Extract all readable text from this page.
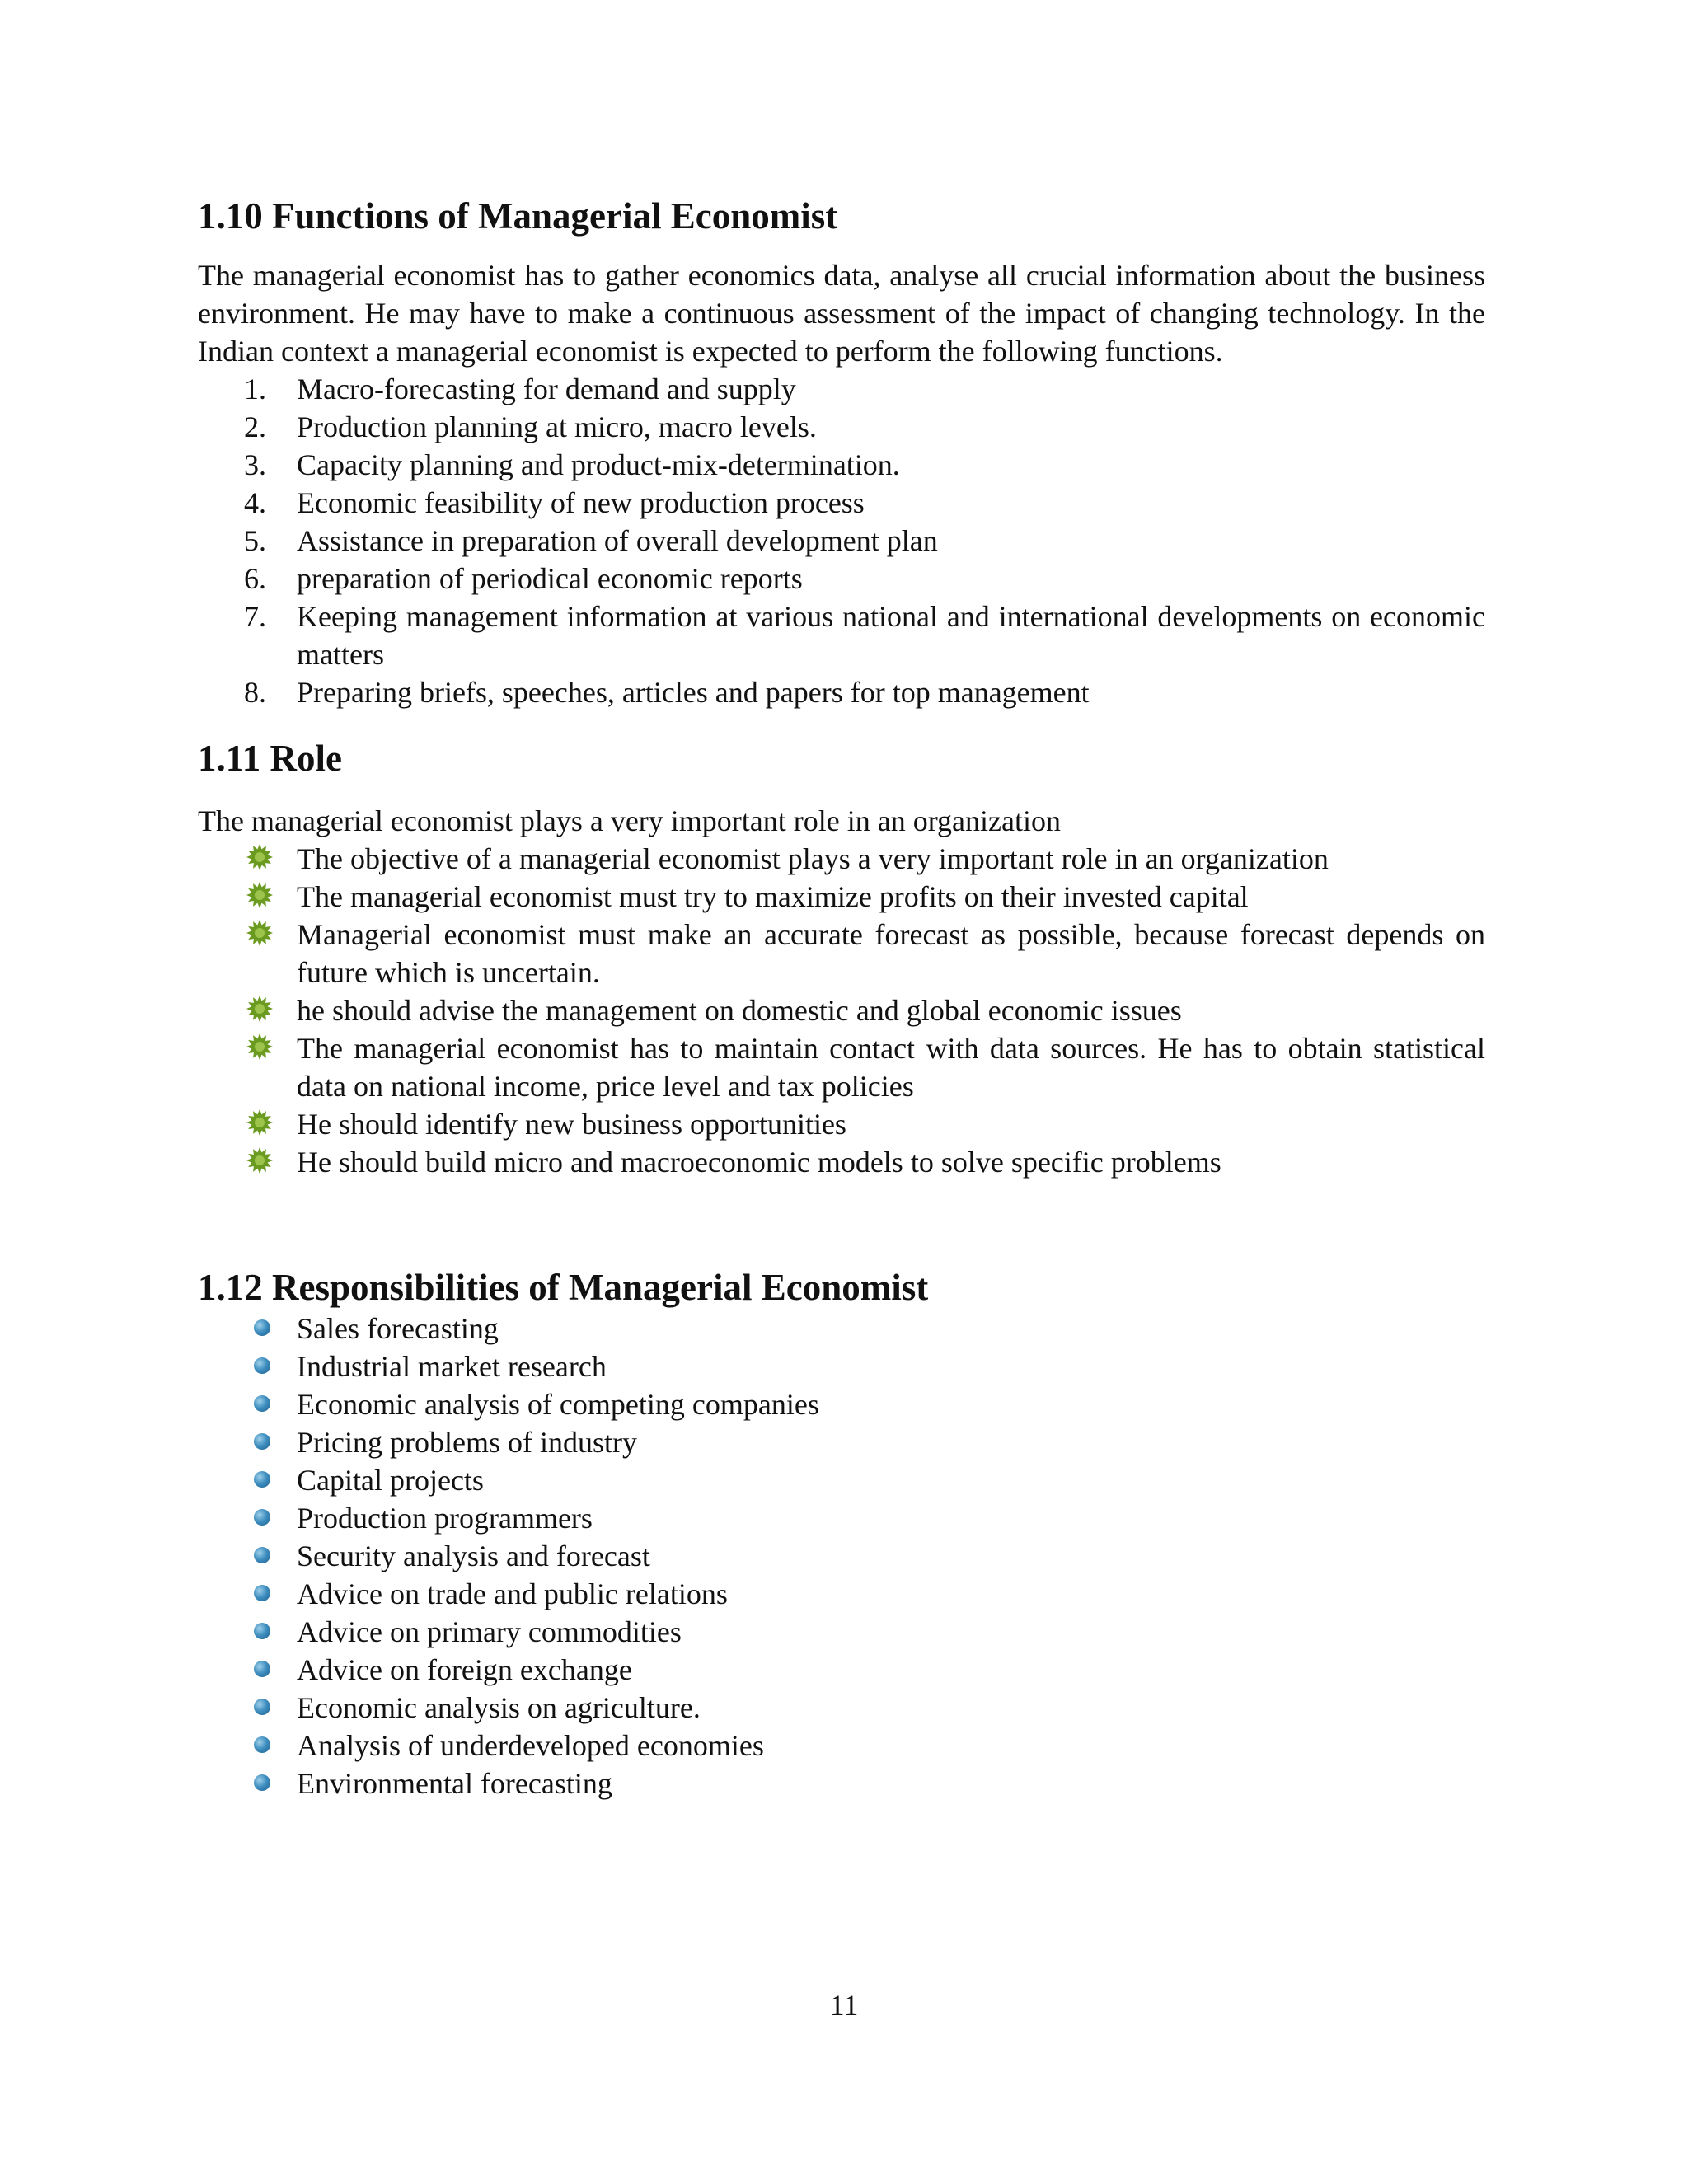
1.10 Functions of Managerial Economist

The managerial economist has to gather economics data, analyse all crucial information about the business environment. He may have to make a continuous assessment of the impact of changing technology. In the Indian context a managerial economist is expected to perform the following functions.

1.	Macro-forecasting for demand and supply
2.	Production planning at micro, macro levels.
3.	Capacity planning and product-mix-determination.
4.	Economic feasibility of new production process
5.	Assistance in preparation of overall development plan
6.	preparation of periodical economic reports
7.	Keeping management information at various national and international developments on economic matters
8.	Preparing briefs, speeches, articles and papers for top management
1.11 Role

The managerial economist plays a very important role in an organization

The objective of a managerial economist plays a very important role in an organization
The managerial economist must try to maximize profits on their invested capital
Managerial economist must make an accurate forecast as possible, because forecast depends on future which is uncertain.
he should advise the management on domestic and global economic issues
The managerial economist has to maintain contact with data sources. He has to obtain statistical data on national income, price level and tax policies
He should identify new business opportunities
He should build micro and macroeconomic models to solve specific problems
1.12 Responsibilities of Managerial Economist
Sales forecasting
Industrial market research
Economic analysis of competing companies
Pricing problems of industry
Capital projects
Production programmers
Security analysis and forecast
Advice on trade and public relations
Advice on primary commodities
Advice on foreign exchange
Economic analysis on agriculture.
Analysis of underdeveloped economies
Environmental forecasting
11
